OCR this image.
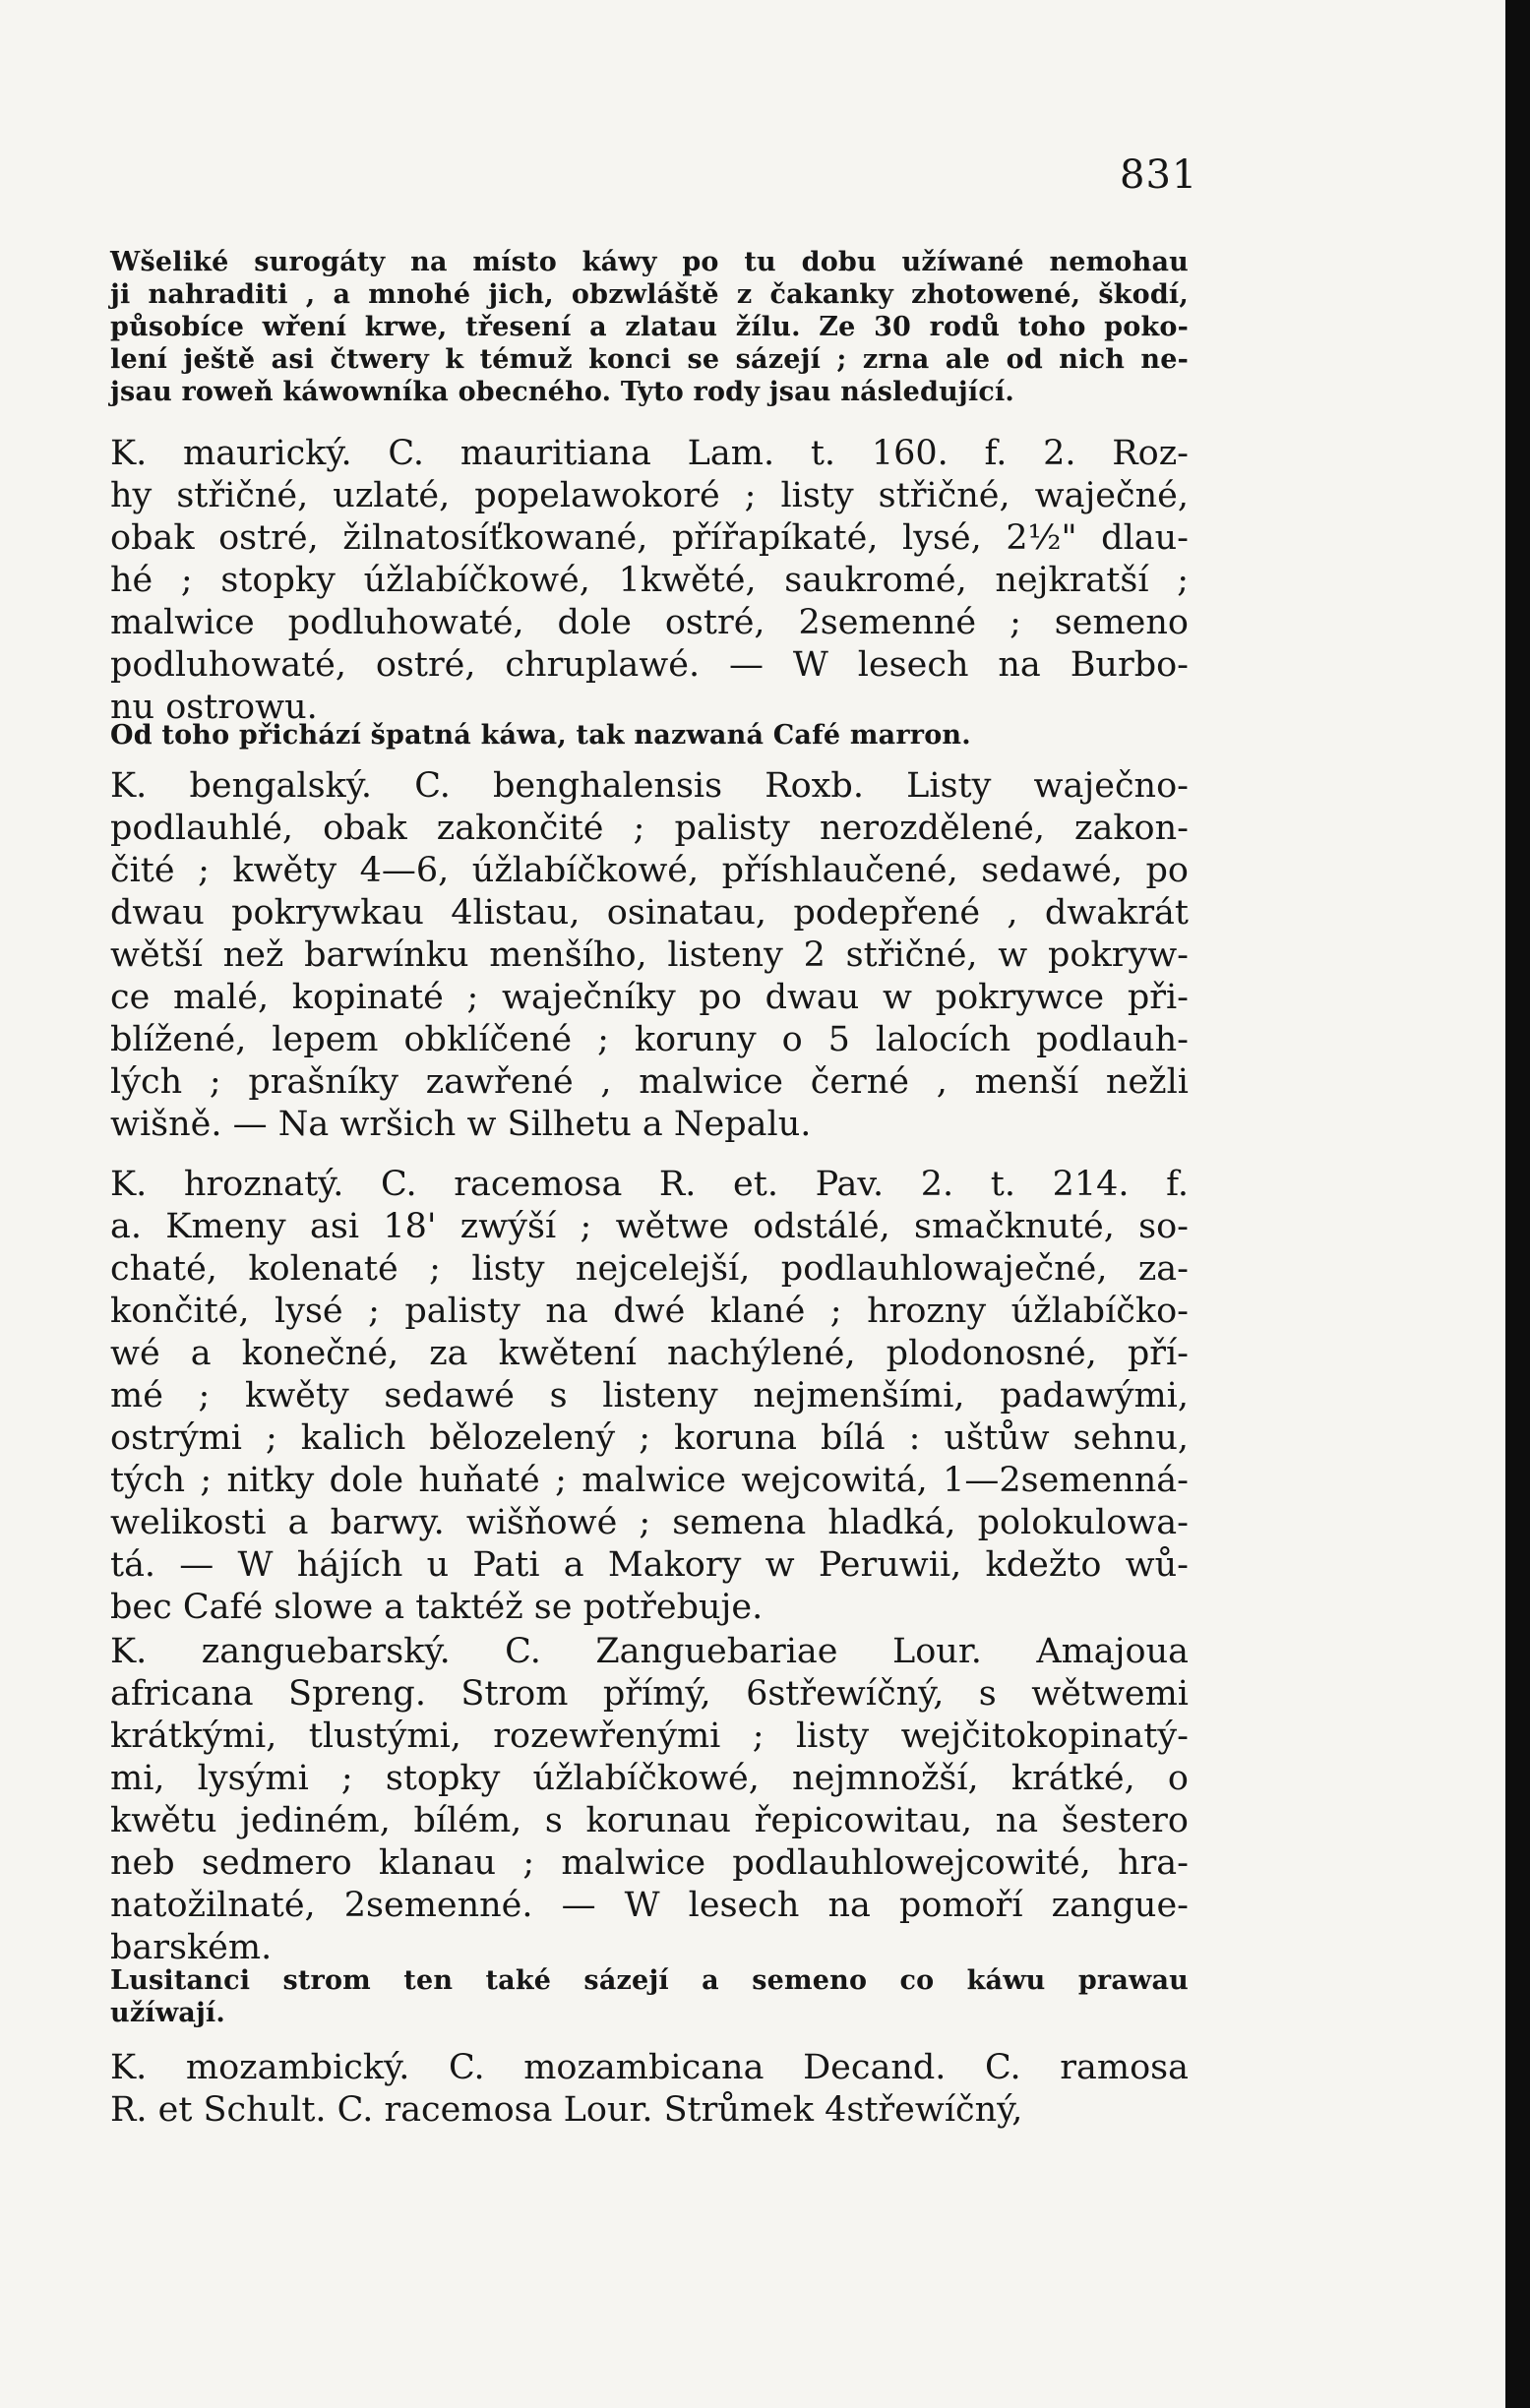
831
Wšeliké surogáty na místo káwy po tu dobu užíwané nemohau
ji nahraditi , a mnohé jich, obzwláště z čakanky zhotowené, škodí,
působíce wření krwe, třesení a zlatau žílu. Ze 30 rodů toho poko-
lení ještě asi čtwery k témuž konci se sázejí ; zrna ale od nich ne-
jsau roweň káwowníka obecného. Tyto rody jsau následující.
K. maurický. C. mauritiana Lam. t. 160. f. 2. Roz-
hy střičné, uzlaté, popelawokoré ; listy střičné, waječné,
obak ostré, žilnatosíťkowané, přířapíkaté, lysé, 2½" dlau-
hé ; stopky úžlabíčkowé, 1kwěté, saukromé, nejkratší ;
malwice podluhowaté, dole ostré, 2semenné ; semeno
podluhowaté, ostré, chruplawé. — W lesech na Burbo-
nu ostrowu.
Od toho přichází špatná káwa, tak nazwaná Café marron.
K. bengalský. C. benghalensis Roxb. Listy waječno-
podlauhlé, obak zakončité ; palisty nerozdělené, zakon-
čité ; kwěty 4—6, úžlabíčkowé, příshlaučené, sedawé, po
dwau pokrywkau 4listau, osinatau, podepřené , dwakrát
wětší než barwínku menšího, listeny 2 střičné, w pokryw-
ce malé, kopinaté ; waječníky po dwau w pokrywce při-
blížené, lepem obklíčené ; koruny o 5 lalocích podlauh-
lých ; prašníky zawřené , malwice černé , menší nežli
wišně. — Na wršich w Silhetu a Nepalu.
K. hroznatý. C. racemosa R. et. Pav. 2. t. 214. f.
a. Kmeny asi 18' zwýší ; wětwe odstálé, smačknuté, so-
chaté, kolenaté ; listy nejcelejší, podlauhlowaječné, za-
končité, lysé ; palisty na dwé klané ; hrozny úžlabíčko-
wé a konečné, za kwětení nachýlené, plodonosné, pří-
mé ; kwěty sedawé s listeny nejmenšími, padawými,
ostrými ; kalich bělozelený ; koruna bílá : uštůw sehnu,
tých ; nitky dole huňaté ; malwice wejcowitá, 1—2semenná-
welikosti a barwy. wišňowé ; semena hladká, polokulowa-
tá. — W hájích u Pati a Makory w Peruwii, kdežto wů-
bec Café slowe a taktéž se potřebuje.
K. zanguebarský. C. Zanguebariae Lour. Amajoua
africana Spreng. Strom přímý, 6střewíčný, s wětwemi
krátkými, tlustými, rozewřenými ; listy wejčitokopinatý-
mi, lysými ; stopky úžlabíčkowé, nejmnožší, krátké, o
kwětu jediném, bílém, s korunau řepicowitau, na šestero
neb sedmero klanau ; malwice podlauhlowejcowité, hra-
natožilnaté, 2semenné. — W lesech na pomoří zangue-
barském.
Lusitanci strom ten také sázejí a semeno co káwu prawau
užíwají.
K. mozambický. C. mozambicana Decand. C. ramosa
R. et Schult. C. racemosa Lour. Strůmek 4střewíčný,
